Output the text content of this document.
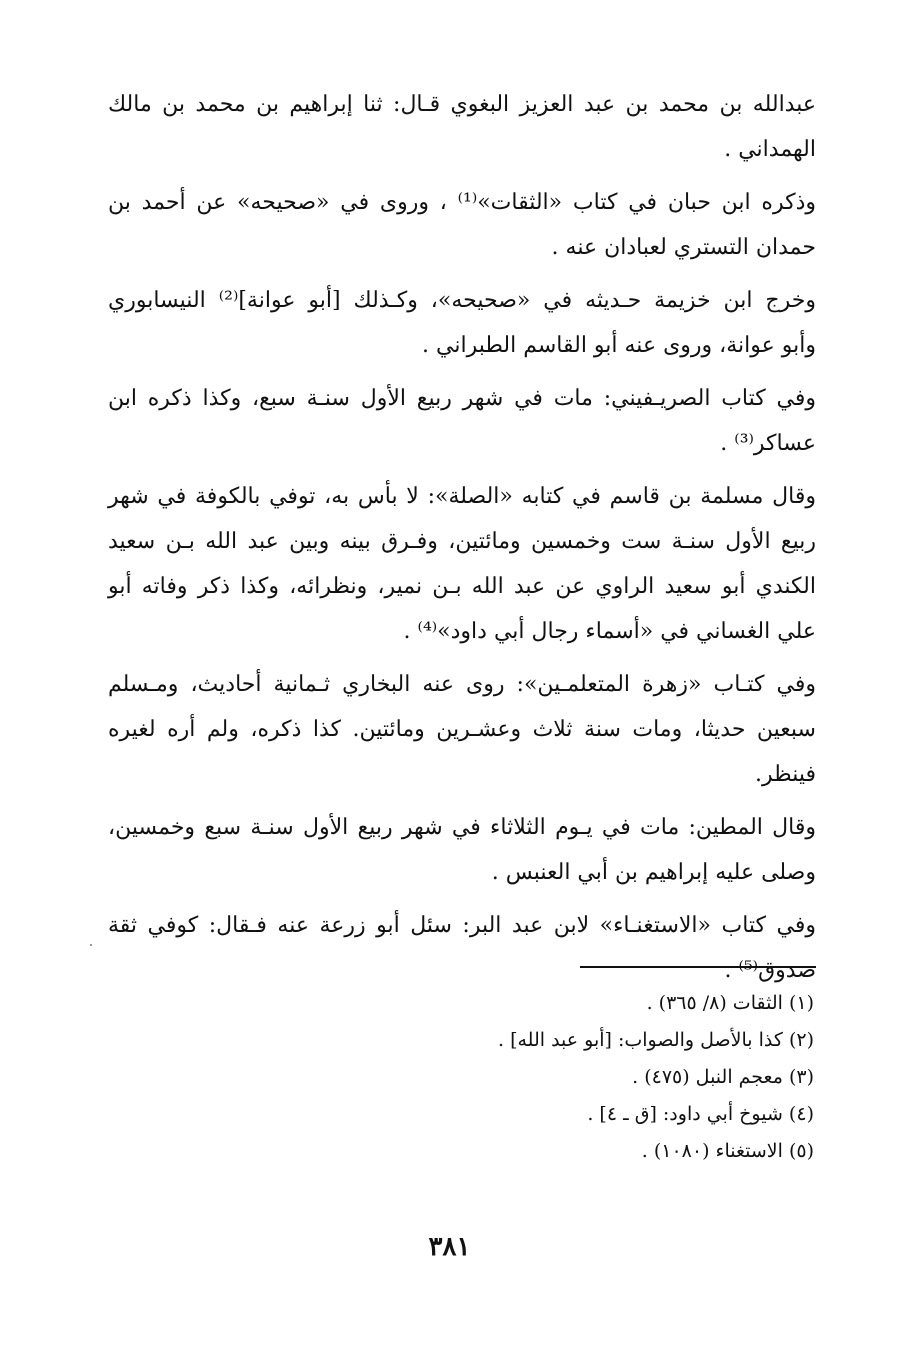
عبدالله بن محمد بن عبد العزيز البغوي قـال: ثنا إبراهيم بن محمد بن مالك
الهمداني .

وذكره ابن حبان في كتاب «الثقات»⁽¹⁾ ، وروى في «صحيحه» عن أحمد بن
حمدان التستري لعبادان عنه .

وخرج ابن خزيمة حـديثه في «صحيحه»، وكـذلك [أبو عوانة]⁽²⁾ النيسابوري
وأبو عوانة، وروى عنه أبو القاسم الطبراني .

وفي كتاب الصريـفيني: مات في شهر ربيع الأول سنـة سبع، وكذا ذكره ابن
عساكر⁽³⁾ .

وقال مسلمة بن قاسم في كتابه «الصلة»: لا بأس به، توفي بالكوفة في شهر
ربيع الأول سنـة ست وخمسين ومائتين، وفـرق بينه وبين عبد الله بـن سعيد
الكندي أبو سعيد الراوي عن عبد الله بـن نمير، ونظرائه، وكذا ذكر وفاته أبو
علي الغساني في «أسماء رجال أبي داود»⁽⁴⁾ .

وفي كتـاب «زهرة المتعلمـين»: روى عنه البخاري ثـمانية أحاديث، ومـسلم
سبعين حديثا، ومات سنة ثلاث وعشـرين ومائتين. كذا ذكره، ولم أره لغيره
فينظر.

وقال المطين: مات في يـوم الثلاثاء في شهر ربيع الأول سنـة سبع وخمسين،
وصلى عليه إبراهيم بن أبي العنبس .

وفي كتاب «الاستغنـاء» لابن عبد البر: سئل أبو زرعة عنه فـقال: كوفي ثقة
صدوق⁽⁵⁾ .

(١) الثقات (٨/ ٣٦٥) .
(٢) كذا بالأصل والصواب: [أبو عبد الله] .
(٣) معجم النبل (٤٧٥) .
(٤) شيوخ أبي داود: [ق ـ ٤] .
(٥) الاستغناء (١٠٨٠) .
٣٨١
